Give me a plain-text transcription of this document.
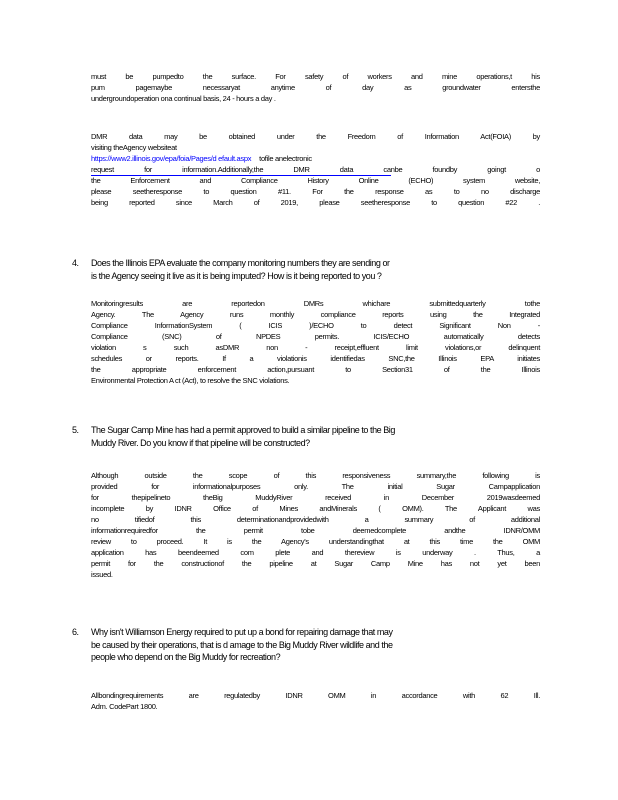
must be pumpedto the surface. For safety of workers and mine operations,t his
pum pagemaybe necessaryat anytime of day as groundwater entersthe
undergroundoperation ona continual basis, 24 - hours a day .
DMR data may be obtained under the Freedom of Information Act(FOIA) by
visiting theAgency websiteat
https://www2.illinois.gov/epa/foia/Pages/d efault.aspx tofile anelectronic
request for information.Additionally,the DMR data canbe foundby goingt o
the Enforcement and Compliance History Online (ECHO) system website,
please seetheresponse to question #11. For the response as to no discharge
being reported since March of 2019, please seetheresponse to question #22 .
4. Does the Illinois EPA evaluate the company monitoring numbers they are sending or
is the Agency seeing it live as it is being imputed? How is it being reported to you ?
Monitoringresults are reportedon DMRs whichare submittedquarterly tothe
Agency. The Agency runs monthly compliance reports using the Integrated
Compliance InformationSystem ( ICIS )/ECHO to detect Significant Non -
Compliance (SNC) of NPDES permits. ICIS/ECHO automatically detects
violation s such asDMR non - receipt,effluent limit violations,or delinquent
schedules or reports. If a violationis identifiedas SNC,the Illinois EPA initiates
the appropriate enforcement action,pursuant to Section31 of the Illinois
Environmental Protection A ct (Act), to resolve the SNC violations.
5. The Sugar Camp Mine has had a permit approved to build a similar pipeline to the Big
Muddy River. Do you know if that pipeline will be constructed?
Although outside the scope of this responsiveness summary,the following is
provided for informationalpurposes only. The initial Sugar Campapplication
for thepipelineto theBig MuddyRiver received in December 2019wasdeemed
incomplete by IDNR Office of Mines andMinerals ( OMM). The Applicant was
no tifiedof this determinationandprovidedwith a summary of additional
informationrequiredfor the permit tobe deemedcomplete andthe IDNR/OMM
review to proceed. It is the Agency's understandingthat at this time the OMM
application has beendeemed com plete and thereview is underway . Thus, a
permit for the constructionof the pipeline at Sugar Camp Mine has not yet been
issued.
6. Why isn't Williamson Energy required to put up a bond for repairing damage that may
be caused by their operations, that is d amage to the Big Muddy River wildlife and the
people who depend on the Big Muddy for recreation?
Allbondingrequirements are regulatedby IDNR OMM in accordance with 62 Ill.
Adm. CodePart 1800.
